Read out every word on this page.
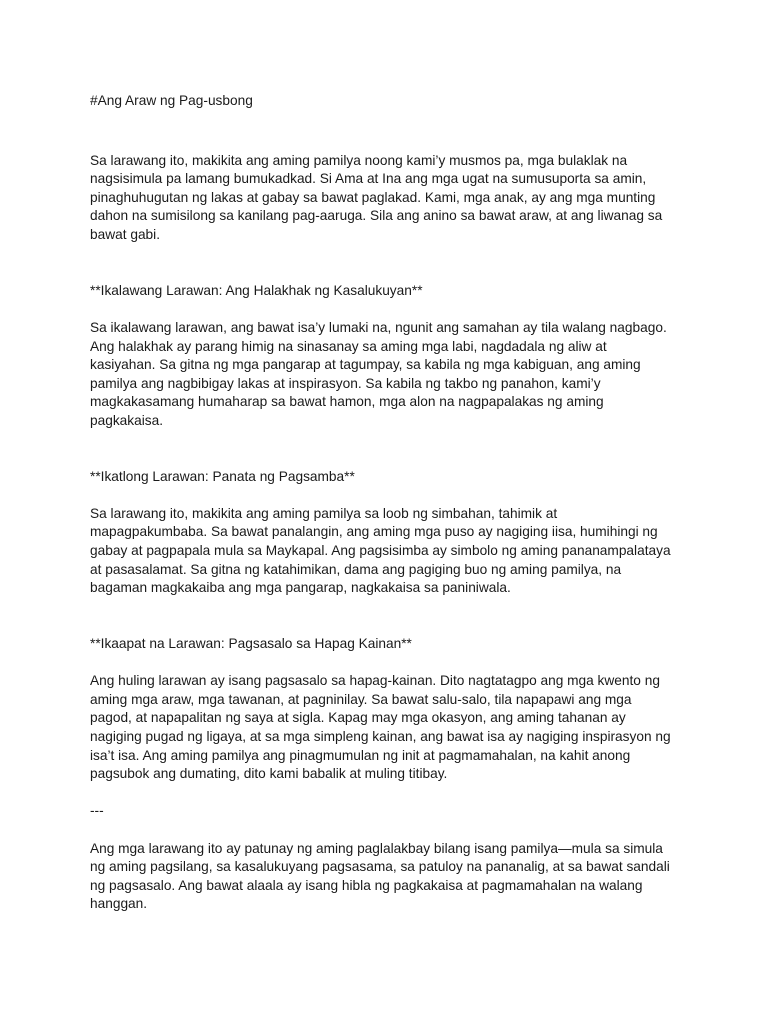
#Ang Araw ng Pag-usbong
Sa larawang ito, makikita ang aming pamilya noong kami’y musmos pa, mga bulaklak na
nagsisimula pa lamang bumukadkad. Si Ama at Ina ang mga ugat na sumusuporta sa amin,
pinaghuhugutan ng lakas at gabay sa bawat paglakad. Kami, mga anak, ay ang mga munting
dahon na sumisilong sa kanilang pag-aaruga. Sila ang anino sa bawat araw, at ang liwanag sa
bawat gabi.

**Ikalawang Larawan: Ang Halakhak ng Kasalukuyan**

Sa ikalawang larawan, ang bawat isa’y lumaki na, ngunit ang samahan ay tila walang nagbago.
Ang halakhak ay parang himig na sinasanay sa aming mga labi, nagdadala ng aliw at
kasiyahan. Sa gitna ng mga pangarap at tagumpay, sa kabila ng mga kabiguan, ang aming
pamilya ang nagbibigay lakas at inspirasyon. Sa kabila ng takbo ng panahon, kami’y
magkakasamang humaharap sa bawat hamon, mga alon na nagpapalakas ng aming
pagkakaisa.

**Ikatlong Larawan: Panata ng Pagsamba**

Sa larawang ito, makikita ang aming pamilya sa loob ng simbahan, tahimik at
mapagpakumbaba. Sa bawat panalangin, ang aming mga puso ay nagiging iisa, humihingi ng
gabay at pagpapala mula sa Maykapal. Ang pagsisimba ay simbolo ng aming pananampalataya
at pasasalamat. Sa gitna ng katahimikan, dama ang pagiging buo ng aming pamilya, na
bagaman magkakaiba ang mga pangarap, nagkakaisa sa paniniwala.

**Ikaapat na Larawan: Pagsasalo sa Hapag Kainan**

Ang huling larawan ay isang pagsasalo sa hapag-kainan. Dito nagtatagpo ang mga kwento ng
aming mga araw, mga tawanan, at pagninilay. Sa bawat salu-salo, tila napapawi ang mga
pagod, at napapalitan ng saya at sigla. Kapag may mga okasyon, ang aming tahanan ay
nagiging pugad ng ligaya, at sa mga simpleng kainan, ang bawat isa ay nagiging inspirasyon ng
isa’t isa. Ang aming pamilya ang pinagmumulan ng init at pagmamahalan, na kahit anong
pagsubok ang dumating, dito kami babalik at muling titibay.

---
Ang mga larawang ito ay patunay ng aming paglalakbay bilang isang pamilya—mula sa simula
ng aming pagsilang, sa kasalukuyang pagsasama, sa patuloy na pananalig, at sa bawat sandali
ng pagsasalo. Ang bawat alaala ay isang hibla ng pagkakaisa at pagmamahalan na walang
hanggan.
